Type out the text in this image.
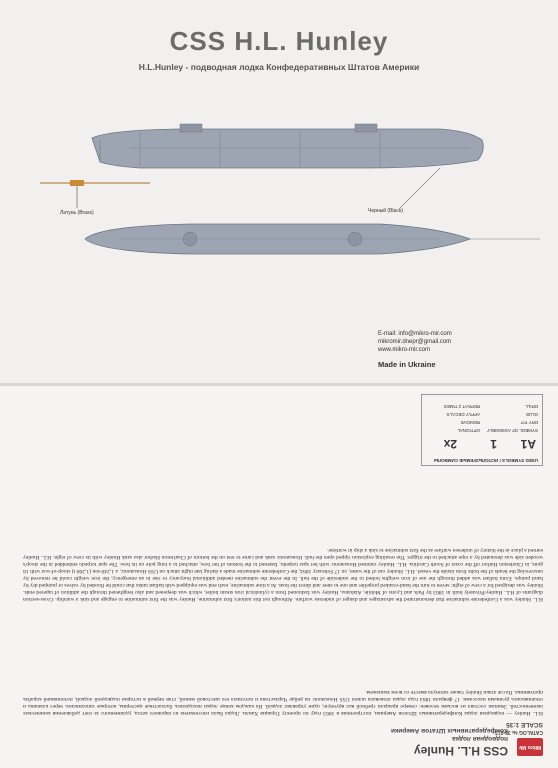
CSS H.L. Hunley
H.L.Hunley - подводная лодка Конфедеративных Штатов Америки
Латунь (Brass)	Черный (Black)
E-mail: info@mikro-mir.com
mikromir.dnepr@gmail.com
www.mikro-mir.com
Made in Ukraine
Mikro Mir
CSS H.L. Hunley
подводная лодка
Конфедеративных Штатов Америки
CATALOG № 35-013
SCALE 1:35
H.L. Hunley — подводная лодка Конфедеративных Штатов Америки, построенная в 1863 году по проекту Горация Ханли. Лодка была изготовлена из парового котла, удлиненного за счет добавления конических оконечностей. Экипаж состоял из восьми человек: семеро вращали гребной вал вручную, один управлял лодкой. На каждом конце лодки находились балластные цистерны, которые заполнялись через клапаны и откачивались ручными насосами. 17 февраля 1864 года лодка атаковала шлюп USS Housatonic на рейде Чарльстона и потопила его шестовой миной, став первой в истории подводной лодкой, потопившей корабль противника. После атаки Hunley также затонула вместе со всем экипажем.
H.L. Hunley was a Confederate submarine that demonstrated the advantages and danger of undersea warfare. Although not this nation's first submarine, Hunley was the first submarine to engage and sink a warship. Cross-section diagrams of H.L. Hunley/Privately built in 1863 by Park and Lyons of Mobile, Alabama, Hunley was fashioned from a cylindrical iron steam boiler, which was deepened and also lengthened through the addition of tapered ends. Hunley was designed for a crew of eight: seven to turn the hand-cranked propeller and one to steer and direct the boat. At a time submarine, each end was equipped with ballast tanks that could be flooded by valves or pumped dry by hand pumps. Extra ballast was added through the use of iron weights bolted to the underside of the hull. In the event the submarine needed additional buoyancy to rise in an emergency, the iron weight could be removed by unscrewing the heads of the bolts from inside the vessel. H.L. Hunley out of the water, on 17 February 1864, the Confederate submarine made a daring late night attack on USS Housatonic, a 1,240-ton (1,260 t) sloop-of-war with 16 guns, in Charleston Harbor off the coast of South Carolina. H.L. Hunley rammed Housatonic with her spar torpedo, fastened to the bottom of her bow, attached to a long pole on its bow. The spar torpedo embedded in the sloop's wooden side was detonated by a rope attached to the trigger. The resulting explosion ripped open the hull. Housatonic sank and came to rest on the bottom of Charleston Harbor also sank Hunley with its crew of eight. H.L. Hunley earned a place in the history of undersea warfare as the first submarine to sink a ship in wartime.
USED SYMBOLS / ИСПОЛЬЗУЕМЫЕ СИМВОЛЫ
A1
1
2x
SYMBOL OF ASSEMBLY
DRY FIT
GLUE
DRILL
OPTIONAL
REMOVE
APPLY DECALS
REPEAT 2 TIMES
